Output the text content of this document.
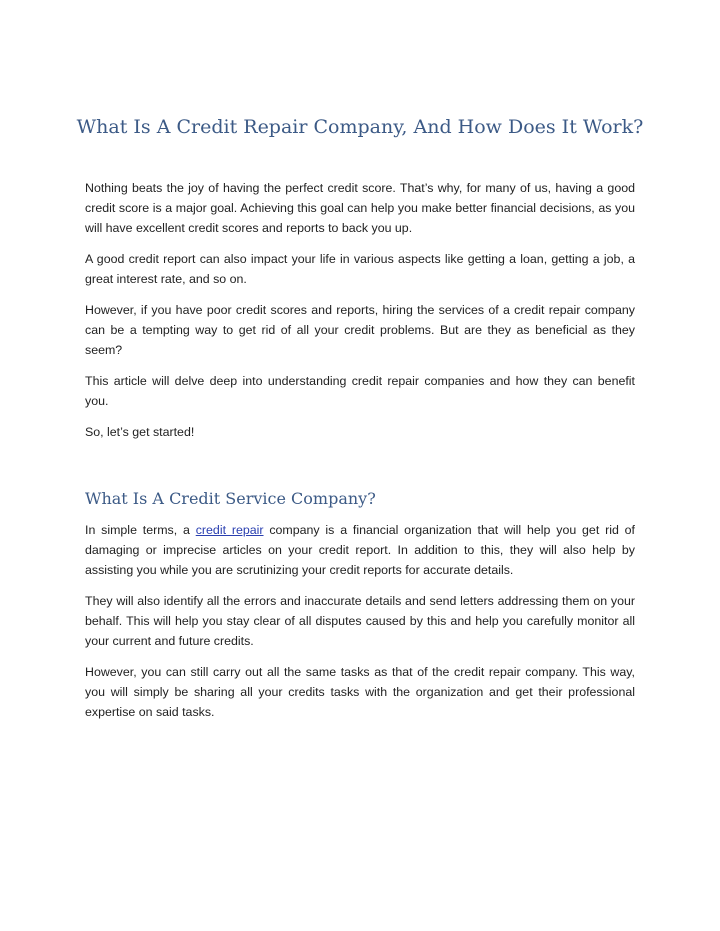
What Is A Credit Repair Company, And How Does It Work?

Nothing beats the joy of having the perfect credit score. That’s why, for many of us, having a good credit score is a major goal. Achieving this goal can help you make better financial decisions, as you will have excellent credit scores and reports to back you up.

A good credit report can also impact your life in various aspects like getting a loan, getting a job, a great interest rate, and so on.

However, if you have poor credit scores and reports, hiring the services of a credit repair company can be a tempting way to get rid of all your credit problems. But are they as beneficial as they seem?

This article will delve deep into understanding credit repair companies and how they can benefit you.

So, let’s get started!

What Is A Credit Service Company?

In simple terms, a credit repair company is a financial organization that will help you get rid of damaging or imprecise articles on your credit report. In addition to this, they will also help by assisting you while you are scrutinizing your credit reports for accurate details.

They will also identify all the errors and inaccurate details and send letters addressing them on your behalf. This will help you stay clear of all disputes caused by this and help you carefully monitor all your current and future credits.

However, you can still carry out all the same tasks as that of the credit repair company. This way, you will simply be sharing all your credits tasks with the organization and get their professional expertise on said tasks.
